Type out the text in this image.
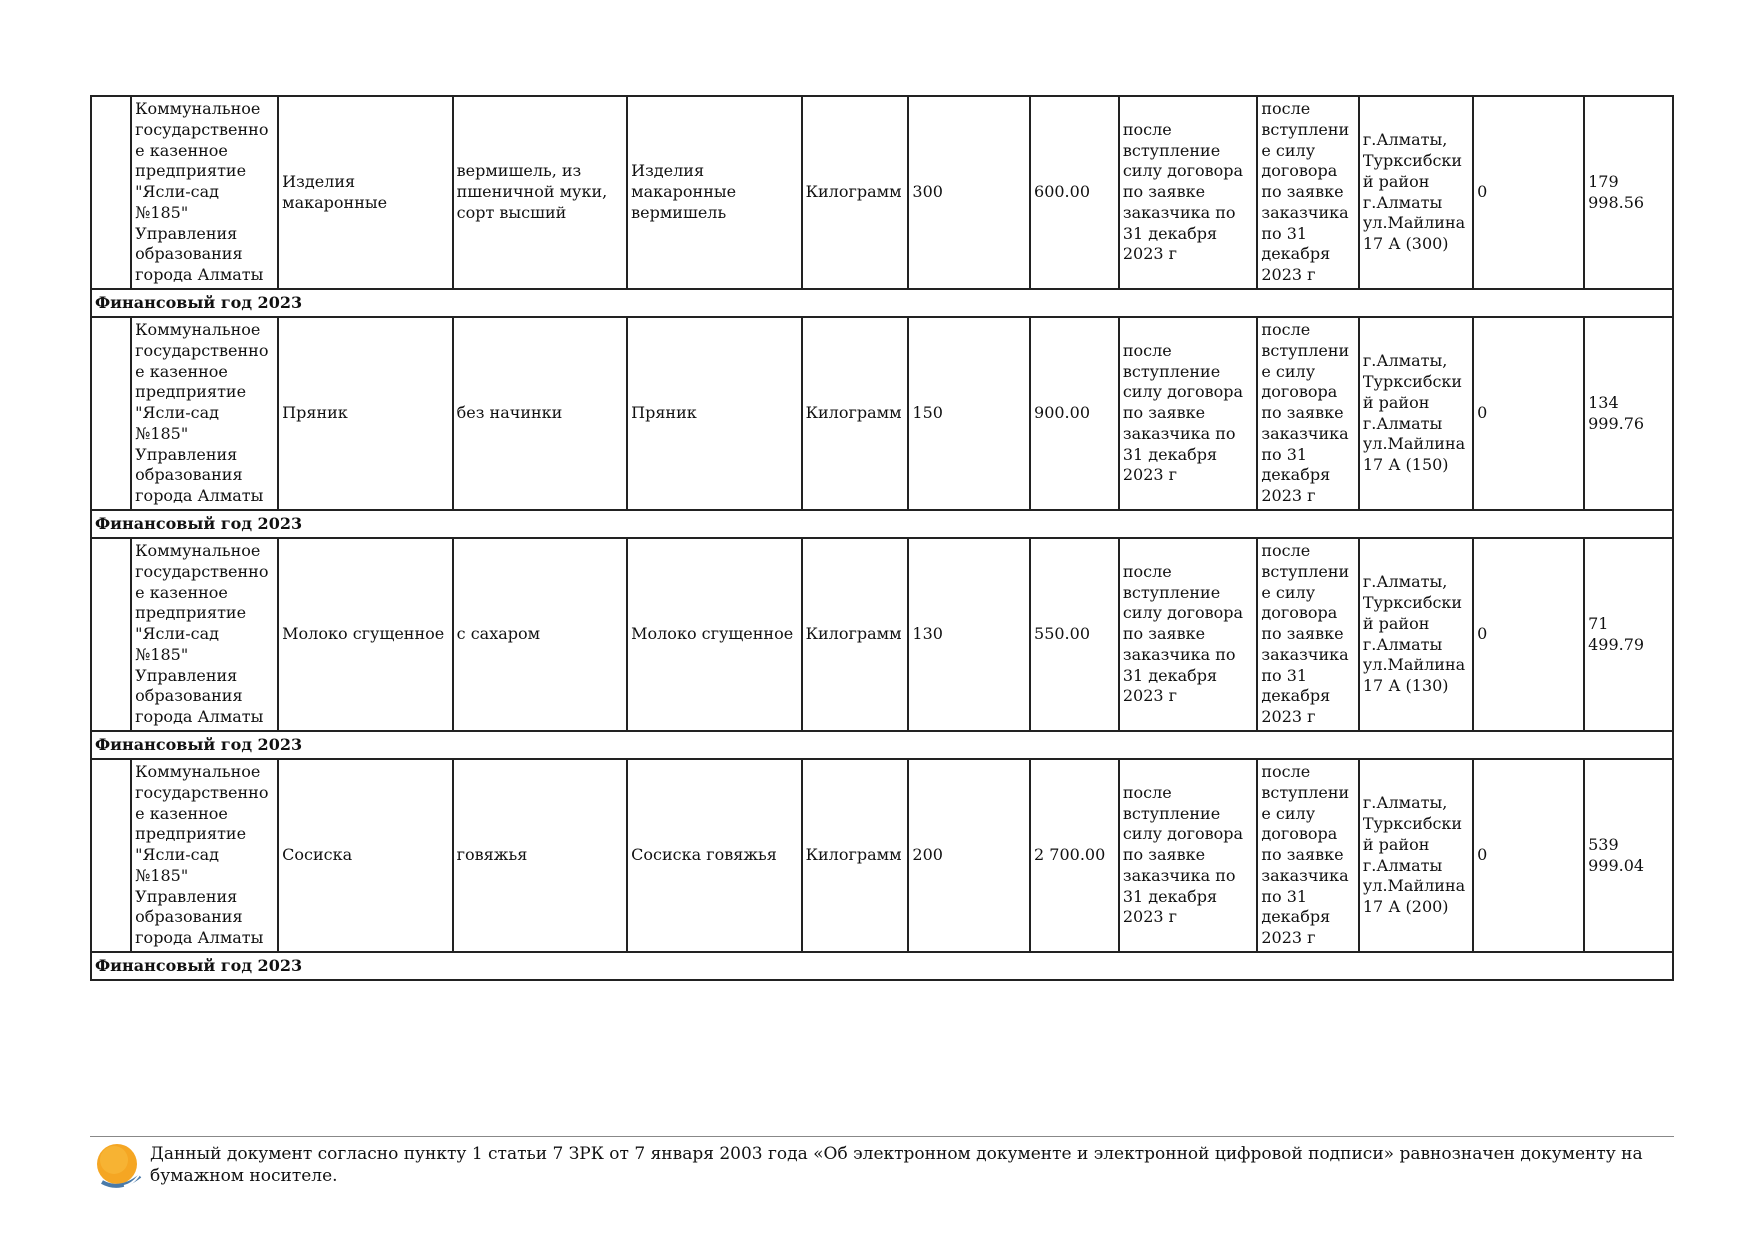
	Коммунальное государственное казенное предприятие "Ясли-сад №185" Управления образования города Алматы	Изделия макаронные	вермишель, из пшеничной муки, сорт высший	Изделия макаронные вермишель	Килограмм	300	600.00	после вступление силу договора по заявке заказчика по 31 декабря 2023 г	после вступление силу договора по заявке заказчика по 31 декабря 2023 г	г.Алматы, Турксибский район г.Алматы ул.Майлина 17 А (300)	0	179 998.56
Финансовый год 2023												
	Коммунальное государственное казенное предприятие "Ясли-сад №185" Управления образования города Алматы	Пряник	без начинки	Пряник	Килограмм	150	900.00	после вступление силу договора по заявке заказчика по 31 декабря 2023 г	после вступление силу договора по заявке заказчика по 31 декабря 2023 г	г.Алматы, Турксибский район г.Алматы ул.Майлина 17 А (150)	0	134 999.76
Финансовый год 2023												
	Коммунальное государственное казенное предприятие "Ясли-сад №185" Управления образования города Алматы	Молоко сгущенное	с сахаром	Молоко сгущенное	Килограмм	130	550.00	после вступление силу договора по заявке заказчика по 31 декабря 2023 г	после вступление силу договора по заявке заказчика по 31 декабря 2023 г	г.Алматы, Турксибский район г.Алматы ул.Майлина 17 А (130)	0	71 499.79
Финансовый год 2023												
	Коммунальное государственное казенное предприятие "Ясли-сад №185" Управления образования города Алматы	Сосиска	говяжья	Сосиска говяжья	Килограмм	200	2 700.00	после вступление силу договора по заявке заказчика по 31 декабря 2023 г	после вступление силу договора по заявке заказчика по 31 декабря 2023 г	г.Алматы, Турксибский район г.Алматы ул.Майлина 17 А (200)	0	539 999.04
Финансовый год 2023												
Данный документ согласно пункту 1 статьи 7 ЗРК от 7 января 2003 года «Об электронном документе и электронной цифровой подписи» равнозначен документу на бумажном носителе.
